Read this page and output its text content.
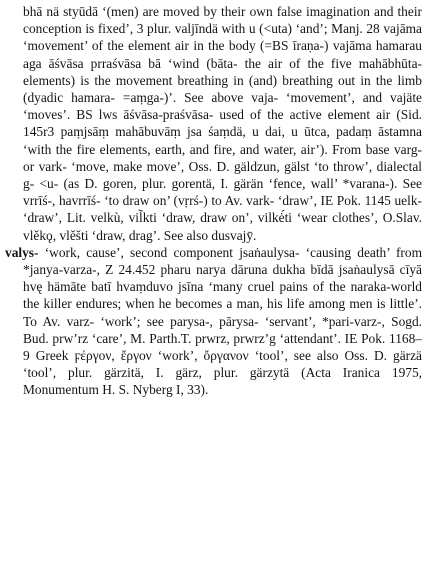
bhā nä styūdā ‘(men) are moved by their own false imagination and their conception is fixed’, 3 plur. valjīndä with u (<uta) ‘and’; Manj. 28 vajāma ‘movement’ of the element air in the body (=BS īraṇa-) vajāma hamarau aga āśvāsa prraśvāsa bā ‘wind (bāta- the air of the five mahābhūta- elements) is the movement breathing in (and) breathing out in the limb (dyadic hamara- =aṃga-)’. See above vaja- ‘movement’, and vajäte ‘moves’. BS lws āśvāsa-praśvāsa- used of the active element air (Sid. 145r3 paṃjsāṃ mahābuvāṃ jsa śaṃdä, u dai, u ūtca, padaṃ āstamna ‘with the fire elements, earth, and fire, and water, air’). From base varg- or vark- ‘move, make move’, Oss. D. gäldzun, gälst ‘to throw’, dialectal g- <u- (as D. goren, plur. gorentä, I. gärän ‘fence, wall’ *varana-). See vrrīś-, havrrīś- ‘to draw on’ (vṛrś-) to Av. vark- ‘draw’, IE Pok. 1145 uelk- ‘draw’, Lit. velkù, vil̃kti ‘draw, draw on’, vilkė́ti ‘wear clothes’, O.Slav. vlěkǫ, vlěšti ‘draw, drag’. See also dusvajȳ.

valys- ‘work, cause’, second component jsaṅaulysa- ‘causing death’ from *janya-varza-, Z 24.452 pharu narya dāruna dukha bīdā jsaṅaulysā cīyā hvę hämāte batī hvaṃduvo jsīna ‘many cruel pains of the naraka-world the killer endures; when he becomes a man, his life among men is little’. To Av. varz- ‘work’; see parysa-, pārysa- ‘servant’, *pari-varz-, Sogd. Bud. prw’rz ‘care’, M. Parth.T. prwrz, prwrz’g ‘attendant’. IE Pok. 1168–9 Greek ϝέργον, ἔργον ‘work’, ὄργανον ‘tool’, see also Oss. D. gärzä ‘tool’, plur. gärzitä, I. gärz, plur. gärzytä (Acta Iranica 1975, Monumentum H. S. Nyberg I, 33).
